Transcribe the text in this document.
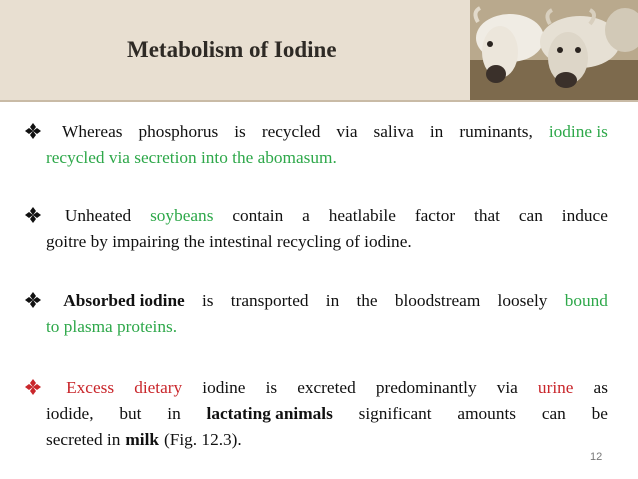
Metabolism of Iodine
Whereas phosphorus is recycled via saliva in ruminants, iodine is
recycled via secretion into the abomasum.
Unheated soybeans contain a heatlabile factor that can induce
goitre by impairing the intestinal recycling of iodine.
Absorbed iodine is transported in the bloodstream loosely bound
to plasma proteins.
Excess dietary iodine is excreted predominantly via urine as
iodide, but in lactating animals significant amounts can be
secreted in milk (Fig. 12.3).
12
